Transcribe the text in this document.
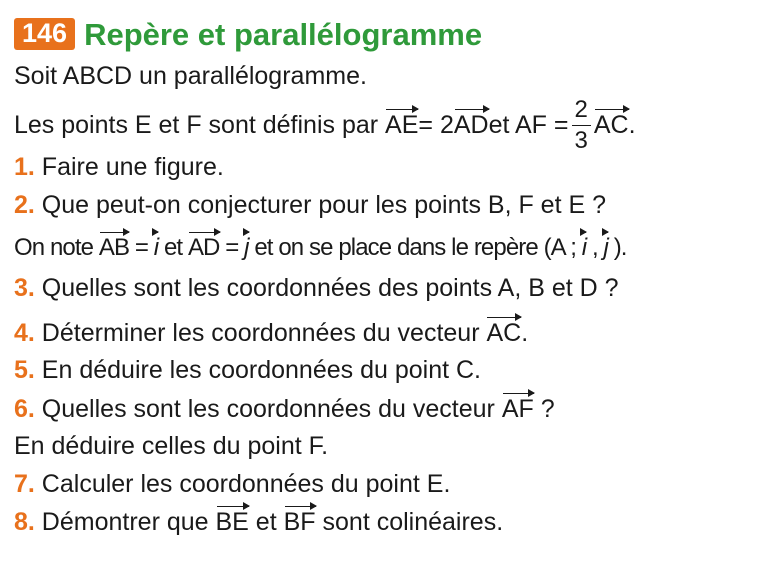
146 Repère et parallélogramme
Soit ABCD un parallélogramme.
Les points E et F sont définis par
AE = 2 AD et AF = $\frac{2}{3}$ AC .
1. Faire une figure.
2. Que peut-on conjecturer pour les points B, F et E ?
On note AB = i et AD = j et on se place dans le repère (A ; i , j ).
3. Quelles sont les coordonnées des points A, B et D ?
4. Déterminer les coordonnées du vecteur AC.
5. En déduire les coordonnées du point C.
6. Quelles sont les coordonnées du vecteur AF ?
En déduire celles du point F.
7. Calculer les coordonnées du point E.
8. Démontrer que BE et BF sont colinéaires.
